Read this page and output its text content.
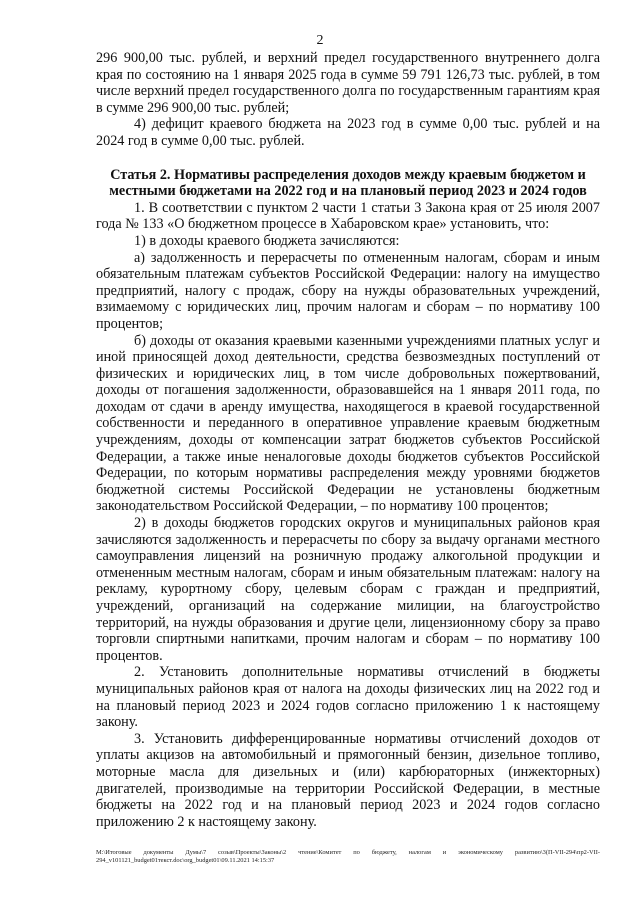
2

296 900,00 тыс. рублей, и верхний предел государственного внутреннего долга края по состоянию на 1 января 2025 года в сумме 59 791 126,73 тыс. рублей, в том числе верхний предел государственного долга по государственным гарантиям края в сумме 296 900,00 тыс. рублей;

4) дефицит краевого бюджета на 2023 год в сумме 0,00 тыс. рублей и на 2024 год в сумме 0,00 тыс. рублей.

Статья 2. Нормативы распределения доходов между краевым бюджетом и местными бюджетами на 2022 год и на плановый период 2023 и 2024 годов

1. В соответствии с пунктом 2 части 1 статьи 3 Закона края от 25 июля 2007 года № 133 «О бюджетном процессе в Хабаровском крае» установить, что:

1) в доходы краевого бюджета зачисляются:

а) задолженность и перерасчеты по отмененным налогам, сборам и иным обязательным платежам субъектов Российской Федерации: налогу на имущество предприятий, налогу с продаж, сбору на нужды образовательных учреждений, взимаемому с юридических лиц, прочим налогам и сборам – по нормативу 100 процентов;

б) доходы от оказания краевыми казенными учреждениями платных услуг и иной приносящей доход деятельности, средства безвозмездных поступлений от физических и юридических лиц, в том числе добровольных пожертвований, доходы от погашения задолженности, образовавшейся на 1 января 2011 года, по доходам от сдачи в аренду имущества, находящегося в краевой государственной собственности и переданного в оперативное управление краевым бюджетным учреждениям, доходы от компенсации затрат бюджетов субъектов Российской Федерации, а также иные неналоговые доходы бюджетов субъектов Российской Федерации, по которым нормативы распределения между уровнями бюджетов бюджетной системы Российской Федерации не установлены бюджетным законодательством Российской Федерации, – по нормативу 100 процентов;

2) в доходы бюджетов городских округов и муниципальных районов края зачисляются задолженность и перерасчеты по сбору за выдачу органами местного самоуправления лицензий на розничную продажу алкогольной продукции и отмененным местным налогам, сборам и иным обязательным платежам: налогу на рекламу, курортному сбору, целевым сборам с граждан и предприятий, учреждений, организаций на содержание милиции, на благоустройство территорий, на нужды образования и другие цели, лицензионному сбору за право торговли спиртными напитками, прочим налогам и сборам – по нормативу 100 процентов.

2. Установить дополнительные нормативы отчислений в бюджеты муниципальных районов края от налога на доходы физических лиц на 2022 год и на плановый период 2023 и 2024 годов согласно приложению 1 к настоящему закону.

3. Установить дифференцированные нормативы отчислений доходов от уплаты акцизов на автомобильный и прямогонный бензин, дизельное топливо, моторные масла для дизельных и (или) карбюраторных (инжекторных) двигателей, производимые на территории Российской Федерации, в местные бюджеты на 2022 год и на плановый период 2023 и 2024 годов согласно приложению 2 к настоящему закону.

M:\Итоговые документы Думы\7 созыв\Проекты\Законы\2 чтение\Комитет по бюджету, налогам и экономическому развитию\3(П-VII-294\пр2-VII-294_v101121_budget01текст.doc\org_budget01\09.11.2021 14:15:37
